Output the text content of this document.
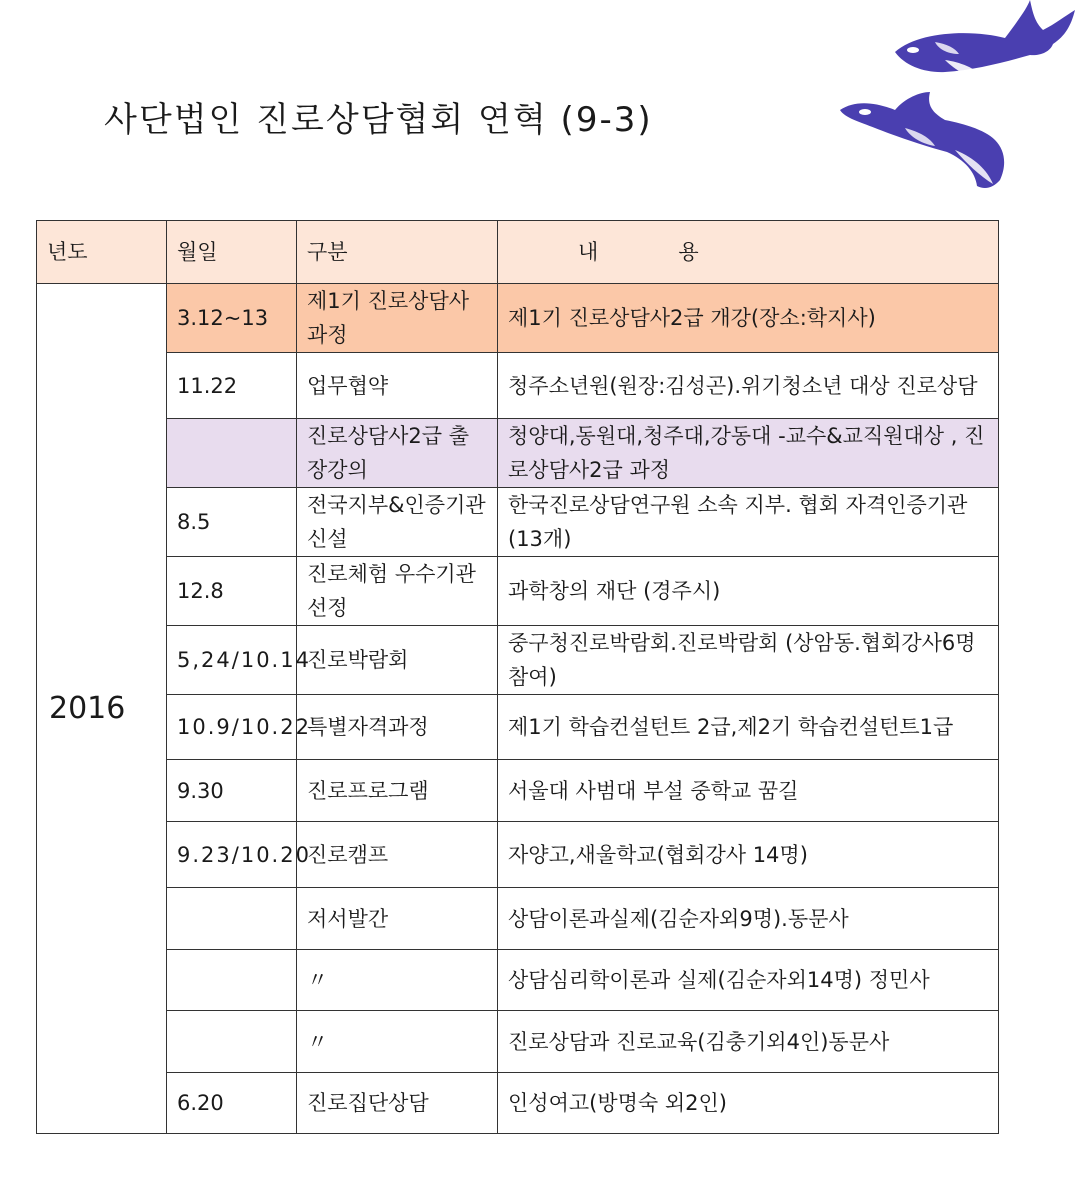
사단법인 진로상담협회 연혁 (9-3)
년도	월일	구분	내            용
2016	3.12~13	제1기 진로상담사 과정	제1기 진로상담사2급 개강(장소:학지사)
	11.22	업무협약	청주소년원(원장:김성곤).위기청소년 대상 진로상담
		진로상담사2급 출장강의	청양대,동원대,청주대,강동대 -교수&교직원대상 , 진로상담사2급 과정
	8.5	전국지부&인증기관 신설	한국진로상담연구원 소속 지부. 협회 자격인증기관(13개)
	12.8	진로체험 우수기관 선정	과학창의 재단 (경주시)
	5,24/10.14	진로박람회	중구청진로박람회.진로박람회 (상암동.협회강사6명 참여)
	10.9/10.22	특별자격과정	제1기 학습컨설턴트 2급,제2기 학습컨설턴트1급
	9.30	진로프로그램	서울대 사범대 부설 중학교 꿈길
	9.23/10.20	진로캠프	자양고,새울학교(협회강사 14명)
		저서발간	상담이론과실제(김순자외9명).동문사
		〃	상담심리학이론과 실제(김순자외14명) 정민사
		〃	진로상담과 진로교육(김충기외4인)동문사
	6.20	진로집단상담	인성여고(방명숙 외2인)
